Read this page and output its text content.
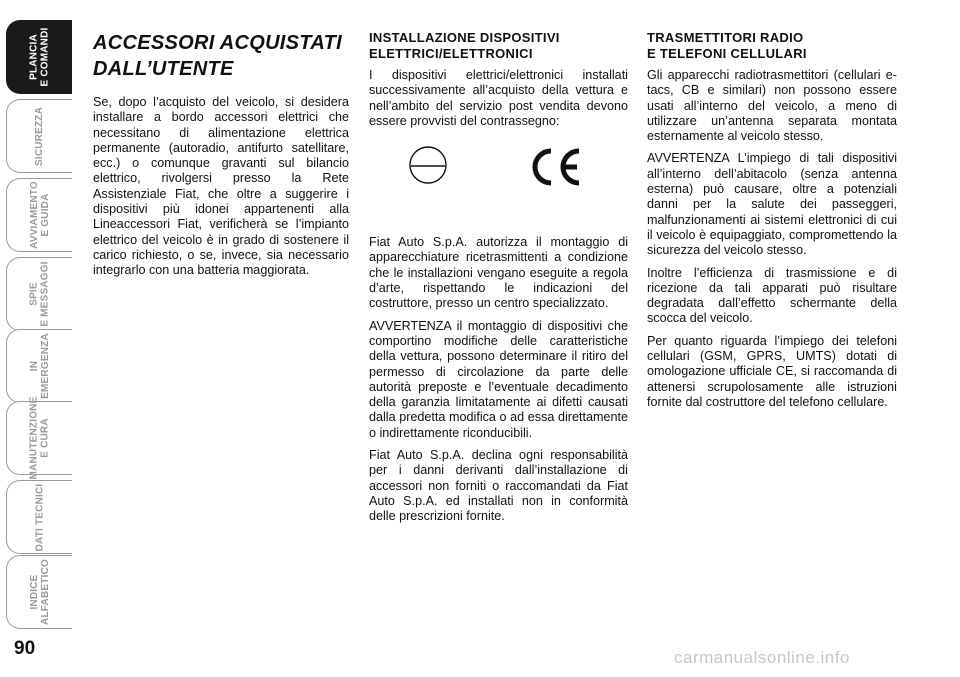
PLANCIA E COMANDI
SICUREZZA
AVVIAMENTO E GUIDA
SPIE E MESSAGGI
IN EMERGENZA
MANUTENZIONE E CURA
DATI TECNICI
INDICE ALFABETICO
90
ACCESSORI ACQUISTATI
DALL’UTENTE

Se, dopo l’acquisto del veicolo, si desidera installare a bordo accessori elettrici che necessitano di alimentazione elettrica permanente (autoradio, antifurto satellitare, ecc.) o comunque gravanti sul bilancio elettrico, rivolgersi presso la Rete Assistenziale Fiat, che oltre a suggerire i dispositivi più idonei appartenenti alla Lineaccessori Fiat, verificherà se l’impianto elettrico del veicolo è in grado di sostenere il carico richiesto, o se, invece, sia necessario integrarlo con una batteria maggiorata.

INSTALLAZIONE DISPOSITIVI
ELETTRICI/ELETTRONICI

I dispositivi elettrici/elettronici installati successivamente all’acquisto della vettura e nell’ambito del servizio post vendita devono essere provvisti del contrassegno:

Fiat Auto S.p.A. autorizza il montaggio di apparecchiature ricetrasmittenti a condizione che le installazioni vengano eseguite a regola d’arte, rispettando le indicazioni del costruttore, presso un centro specializzato.

AVVERTENZA il montaggio di dispositivi che comportino modifiche delle caratteristiche della vettura, possono determinare il ritiro del permesso di circolazione da parte delle autorità preposte e l’eventuale decadimento della garanzia limitatamente ai difetti causati dalla predetta modifica o ad essa direttamente o indirettamente riconducibili.

Fiat Auto S.p.A. declina ogni responsabilità per i danni derivanti dall’installazione di accessori non forniti o raccomandati da Fiat Auto S.p.A. ed installati non in conformità delle prescrizioni fornite.

TRASMETTITORI RADIO
E TELEFONI CELLULARI

Gli apparecchi radiotrasmettitori (cellulari e-tacs, CB e similari) non possono essere usati all’interno del veicolo, a meno di utilizzare un’antenna separata montata esternamente al veicolo stesso.

AVVERTENZA L’impiego di tali dispositivi all’interno dell’abitacolo (senza antenna esterna) può causare, oltre a potenziali danni per la salute dei passeggeri, malfunzionamenti ai sistemi elettronici di cui il veicolo è equipaggiato, compromettendo la sicurezza del veicolo stesso.

Inoltre l’efficienza di trasmissione e di ricezione da tali apparati può risultare degradata dall’effetto schermante della scocca del veicolo.

Per quanto riguarda l’impiego dei telefoni cellulari (GSM, GPRS, UMTS) dotati di omologazione ufficiale CE, si raccomanda di attenersi scrupolosamente alle istruzioni fornite dal costruttore del telefono cellulare.

carmanualsonline.info
